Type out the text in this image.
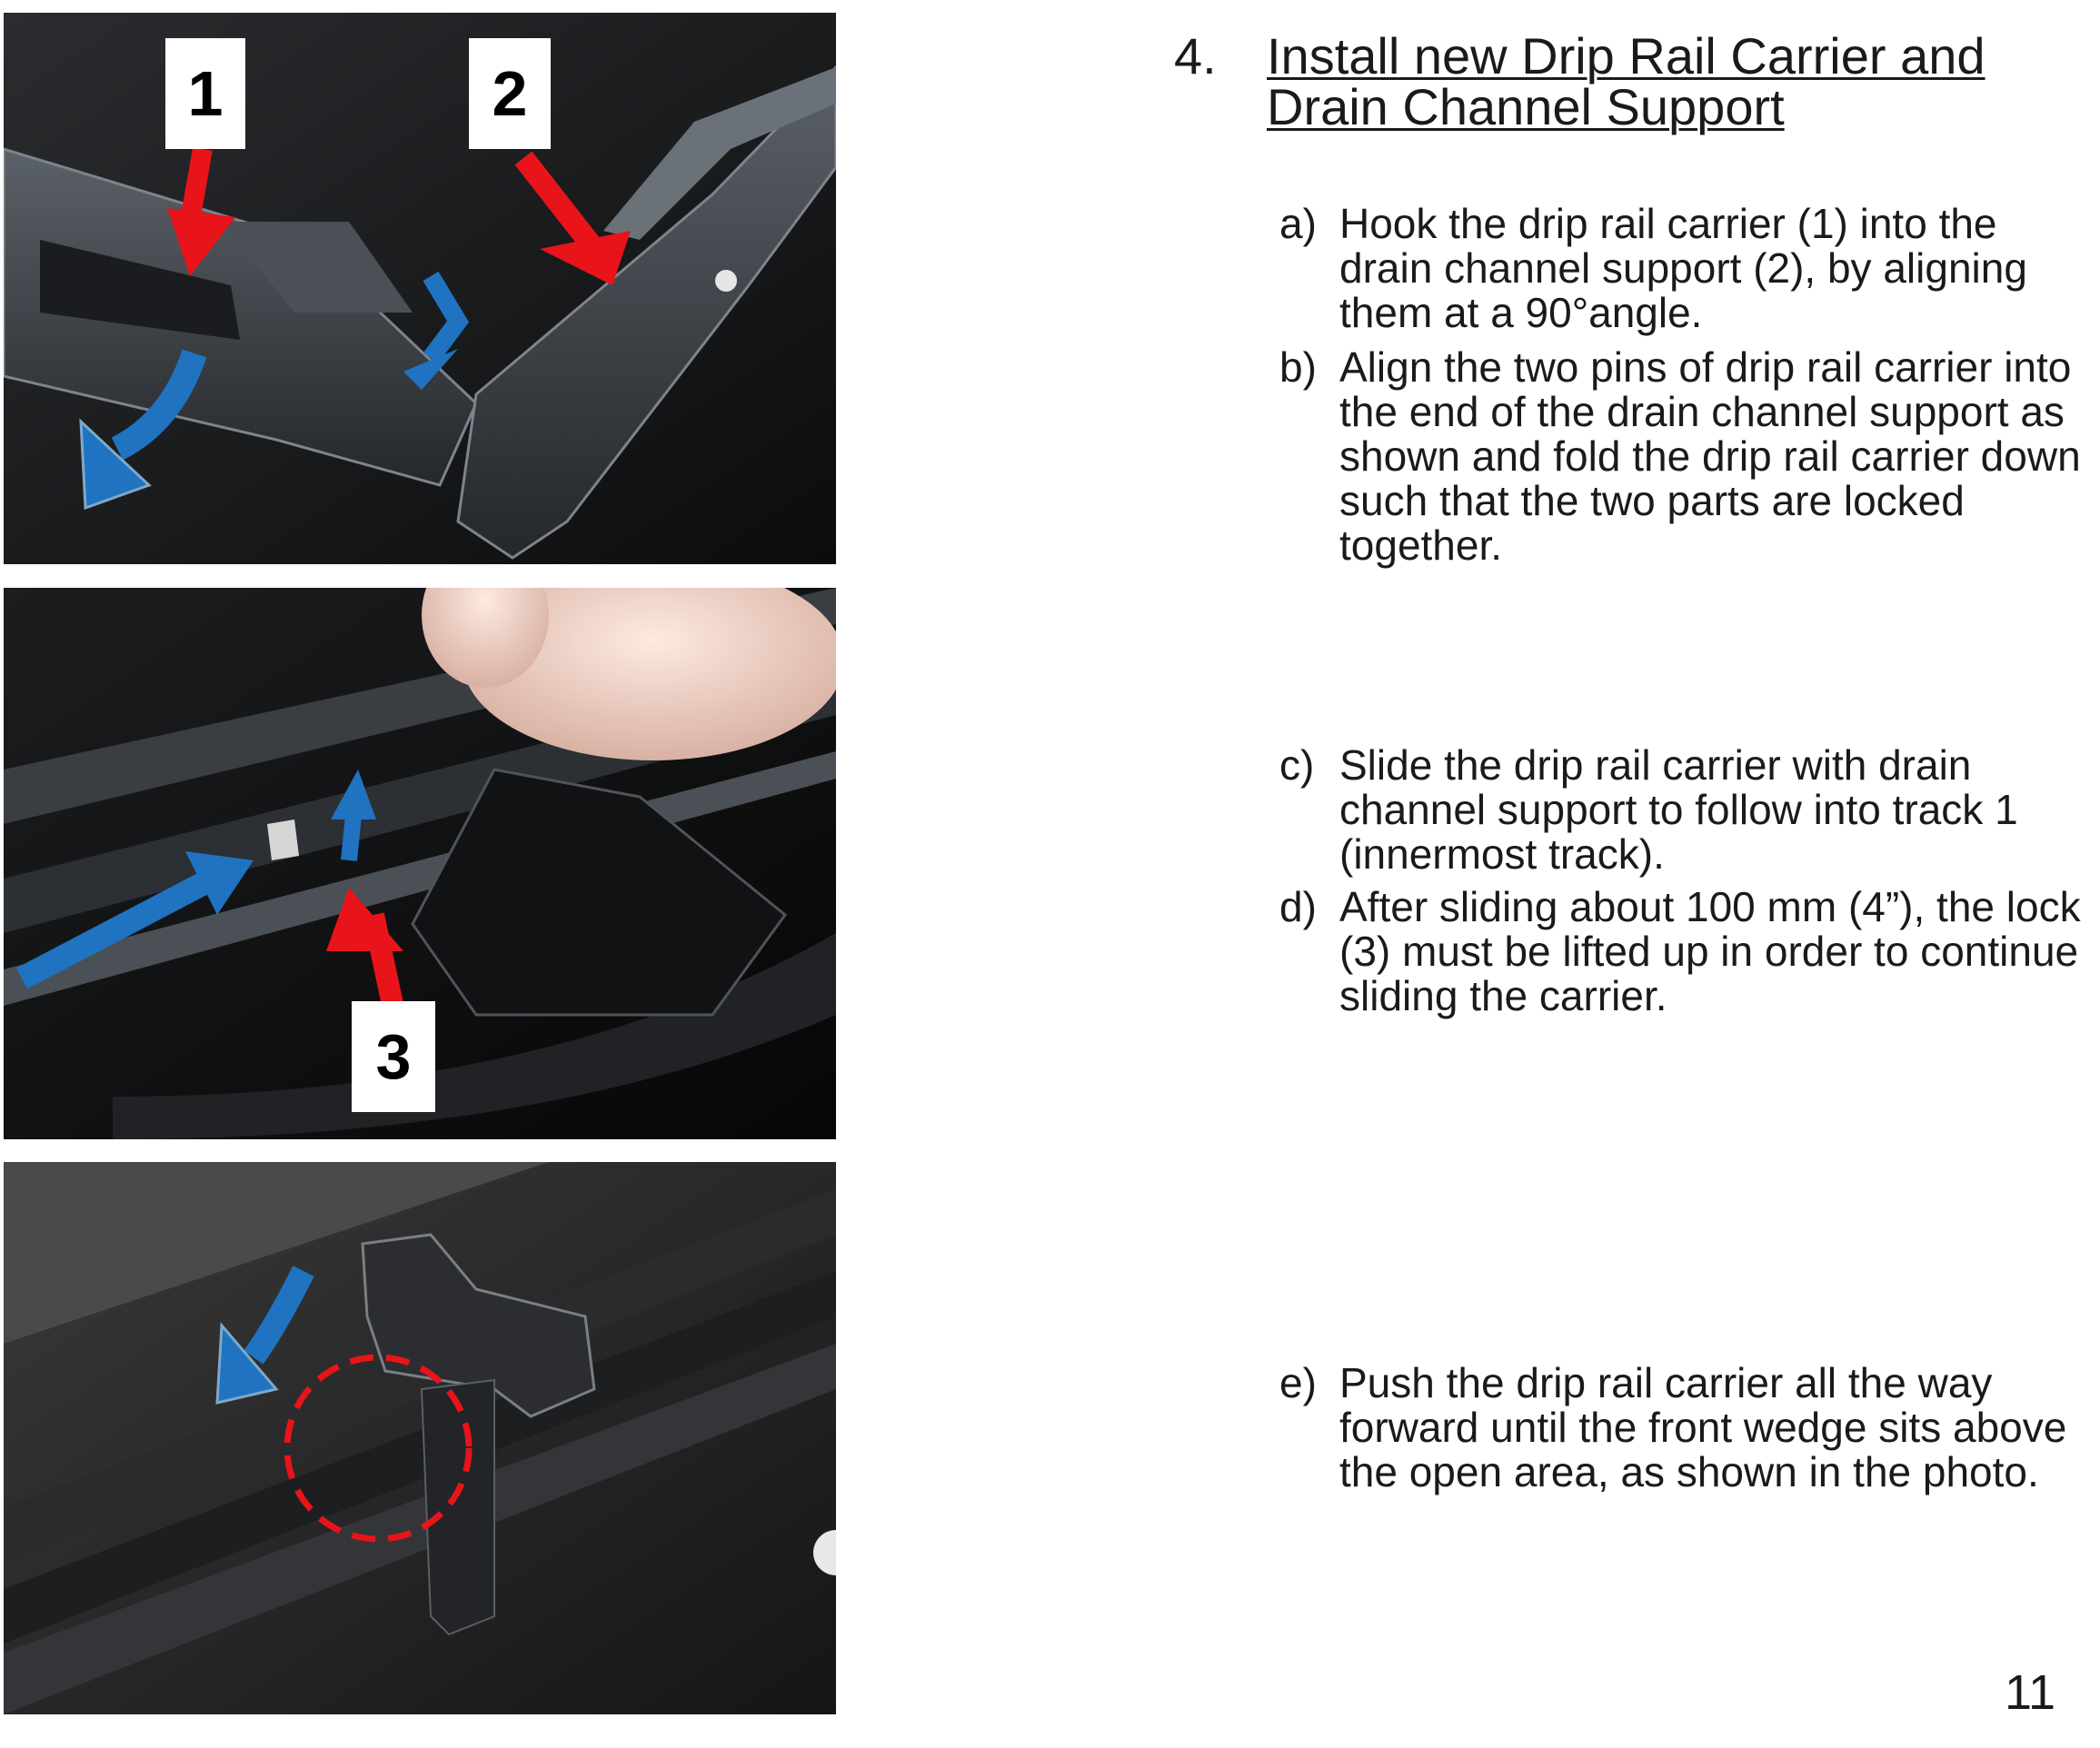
1	2
3
4. Install new Drip Rail Carrier and Drain Channel Support
a) Hook the drip rail carrier (1) into the drain channel support (2), by aligning them at a 90°angle.
b) Align the two pins of drip rail carrier into the end of the drain channel support as shown and fold the drip rail carrier down such that the two parts are locked together.
c) Slide the drip rail carrier with drain channel support to follow into track 1 (innermost track).
d) After sliding about 100 mm (4”), the lock (3) must be lifted up in order to continue sliding the carrier.
e) Push the drip rail carrier all the way forward until the front wedge sits above the open area, as shown in the photo.
11
